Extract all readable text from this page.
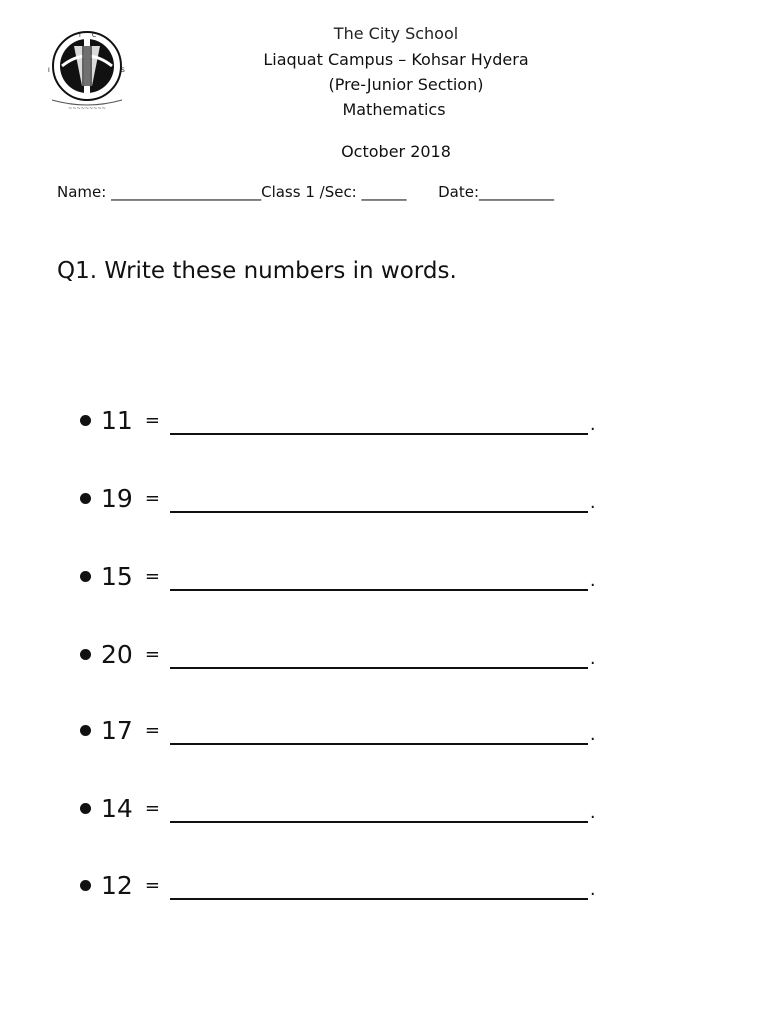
I C
I	S
~~~~~~~~~
The City School
Liaquat Campus – Kohsar Hydera
(Pre-Junior Section)
Mathematics
October 2018
Name: ____________________Class 1 /Sec: ______ Date:__________
Q1. Write these numbers in words.
11 =	.
19 =	.
15 =	.
20 =	.
17 =	.
14 =	.
12 =	.
